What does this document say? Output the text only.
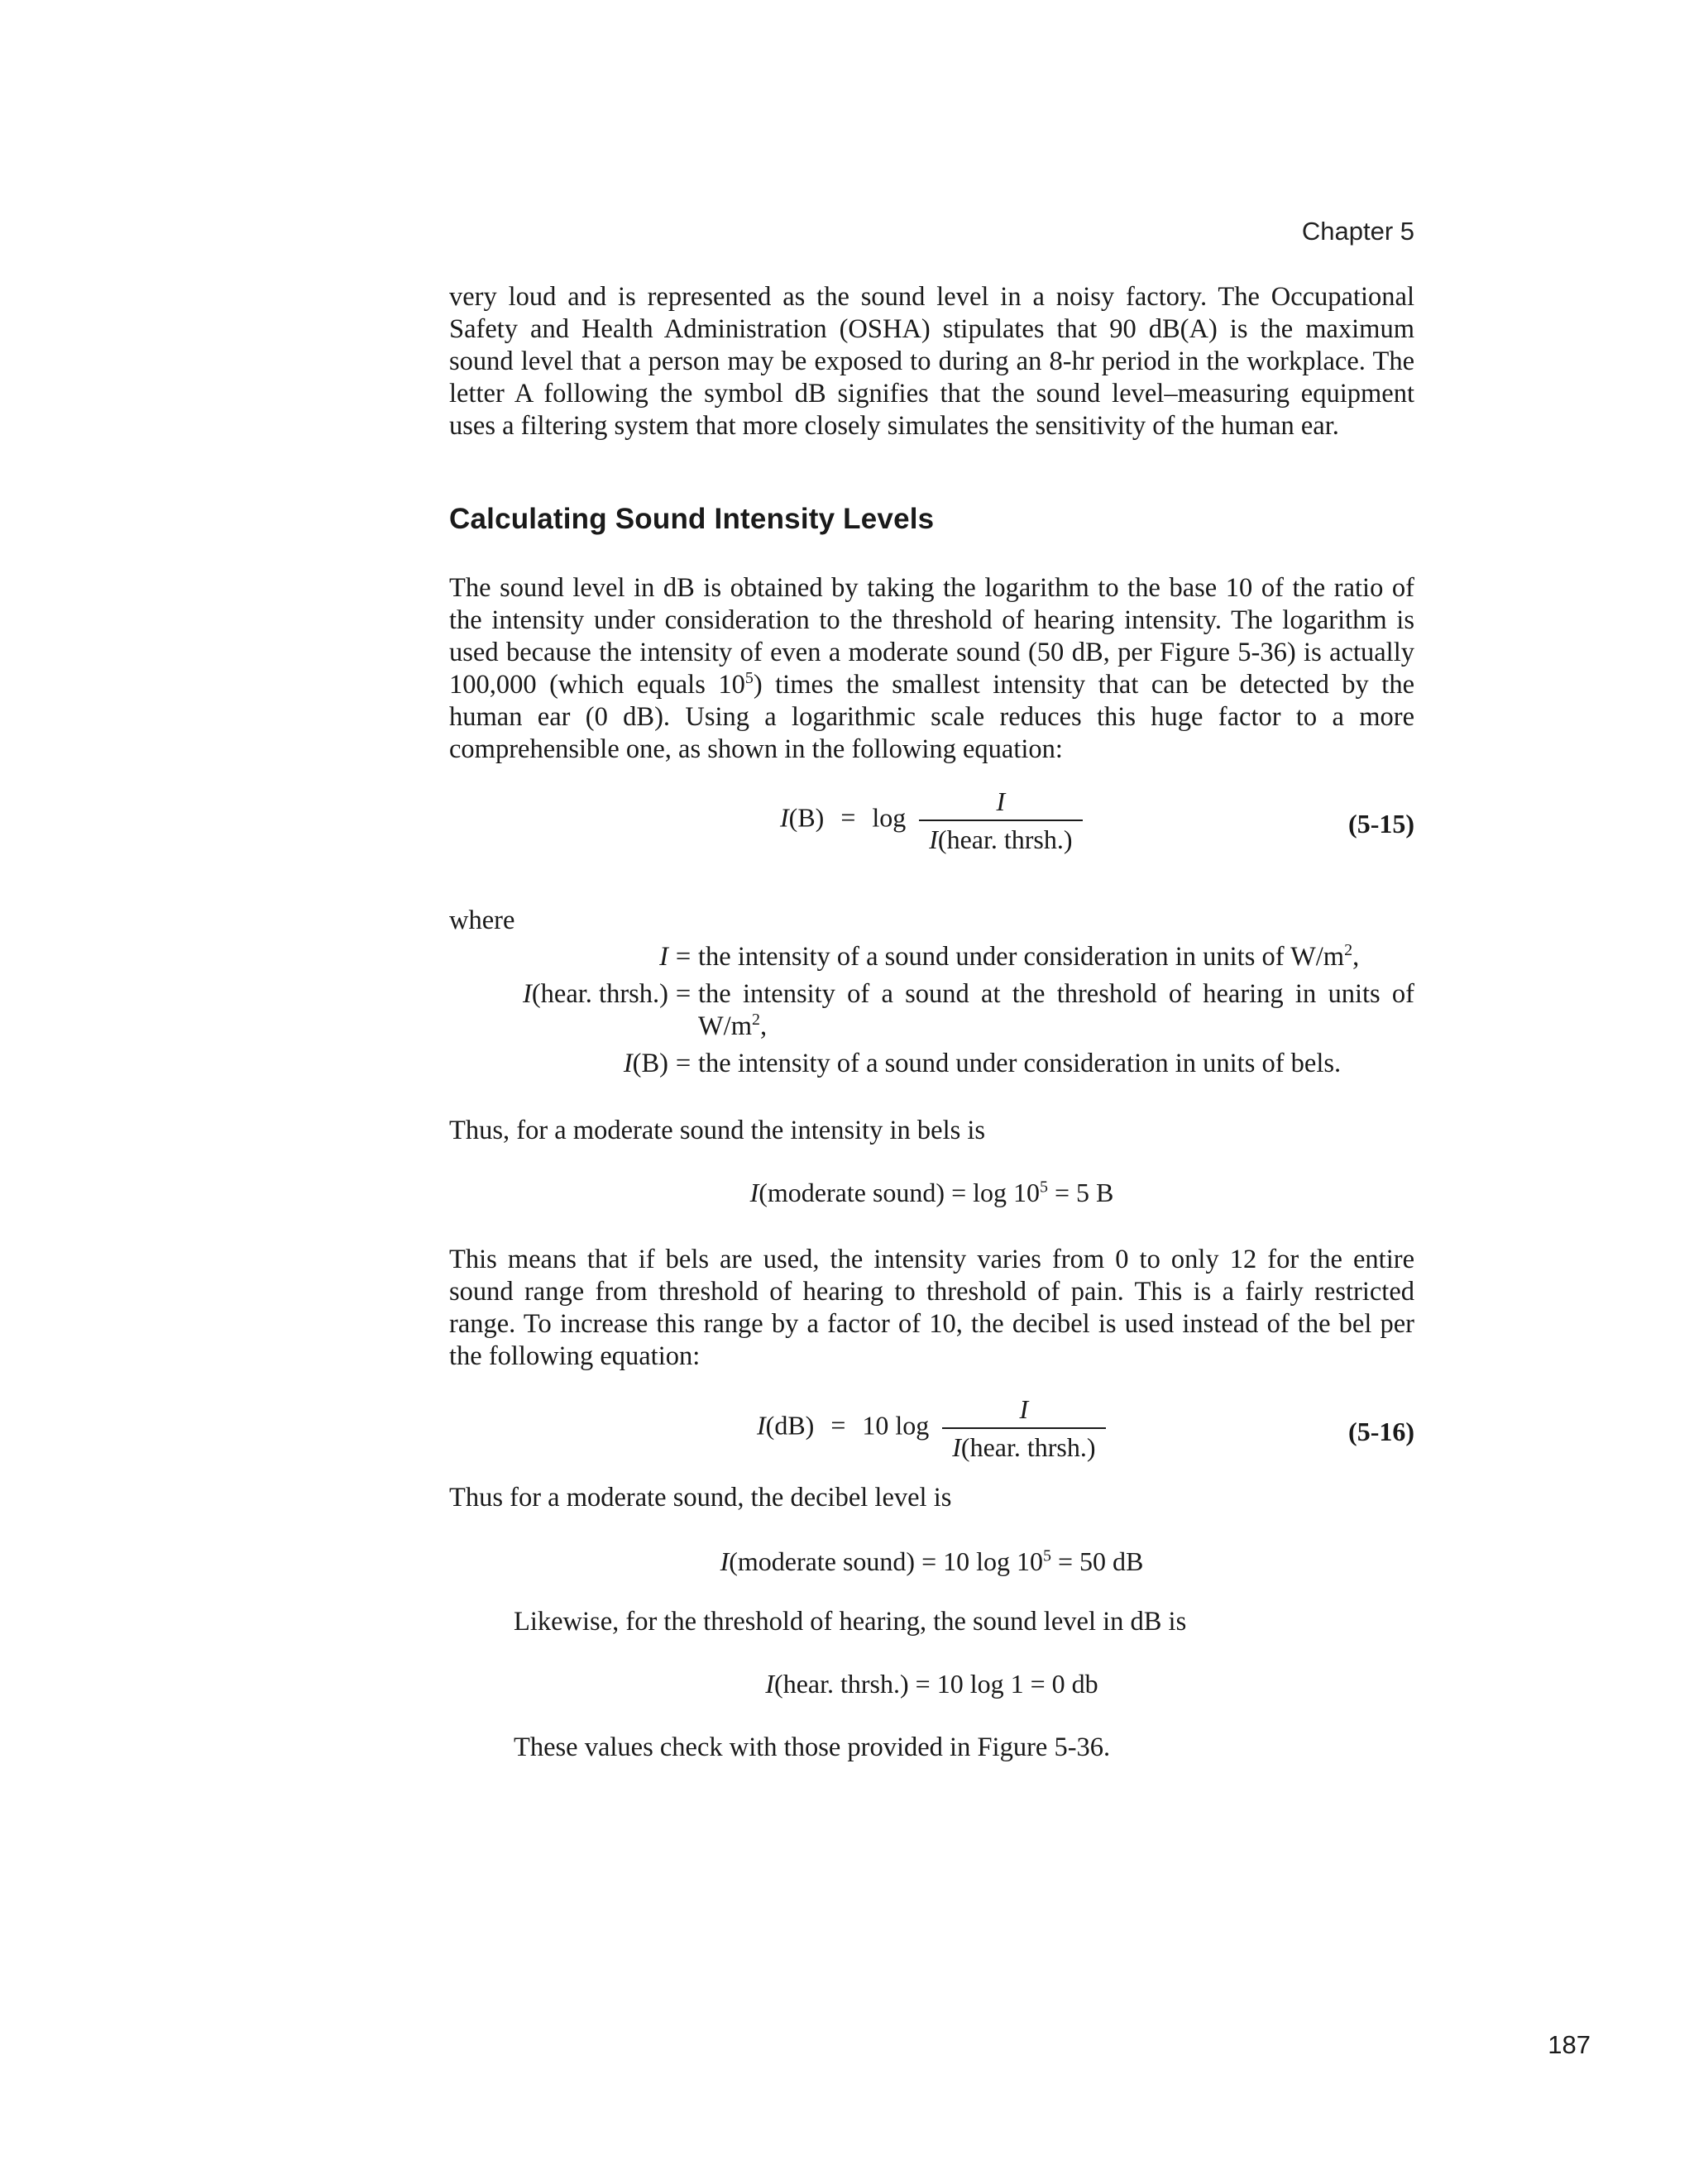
Chapter 5

very loud and is represented as the sound level in a noisy factory. The Occupational Safety and Health Administration (OSHA) stipulates that 90 dB(A) is the maximum sound level that a person may be exposed to during an 8-hr period in the workplace. The letter A following the symbol dB signifies that the sound level–measuring equipment uses a filtering system that more closely simulates the sensitivity of the human ear.

Calculating Sound Intensity Levels

The sound level in dB is obtained by taking the logarithm to the base 10 of the ratio of the intensity under consideration to the threshold of hearing intensity. The logarithm is used because the intensity of even a moderate sound (50 dB, per Figure 5-36) is actually 100,000 (which equals $10^5$) times the smallest intensity that can be detected by the human ear (0 dB). Using a logarithmic scale reduces this huge factor to a more comprehensible one, as shown in the following equation:

$I(B) = \log \frac{I}{\text{I(hear. thrsh.)}}$	(5-15)

where

I = the intensity of a sound under consideration in units of $W/m^2$,
I(hear. thrsh.) = the intensity of a sound at the threshold of hearing in units of $W/m^2$,
I(B) = the intensity of a sound under consideration in units of bels.

Thus, for a moderate sound the intensity in bels is

I(moderate sound) = $\log 10^5 = 5$ B

This means that if bels are used, the intensity varies from 0 to only 12 for the entire sound range from threshold of hearing to threshold of pain. This is a fairly restricted range. To increase this range by a factor of 10, the decibel is used instead of the bel per the following equation:

I(dB) = 10 $\log \frac{I}{\text{I(hear. thrsh.)}}$	(5-16)

Thus for a moderate sound, the decibel level is

I(moderate sound) = 10 $\log 10^5 = 50$ dB

Likewise, for the threshold of hearing, the sound level in dB is

I(hear. thrsh.) = 10 log 1 = 0 db

These values check with those provided in Figure 5-36.

187
